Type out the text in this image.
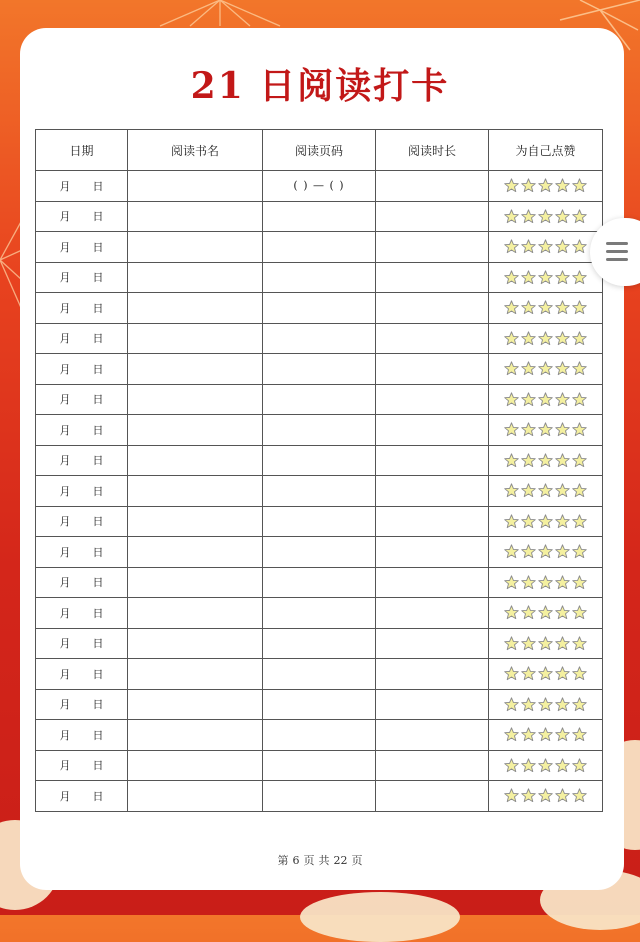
21 日阅读打卡
日期	阅读书名	阅读页码	阅读时长	为自己点赞
月 日		( ) — ( )		
月 日				
月 日				
月 日				
月 日				
月 日				
月 日				
月 日				
月 日				
月 日				
月 日				
月 日				
月 日				
月 日				
月 日				
月 日				
月 日				
月 日				
月 日				
月 日				
月 日				
第 6 页 共 22 页
